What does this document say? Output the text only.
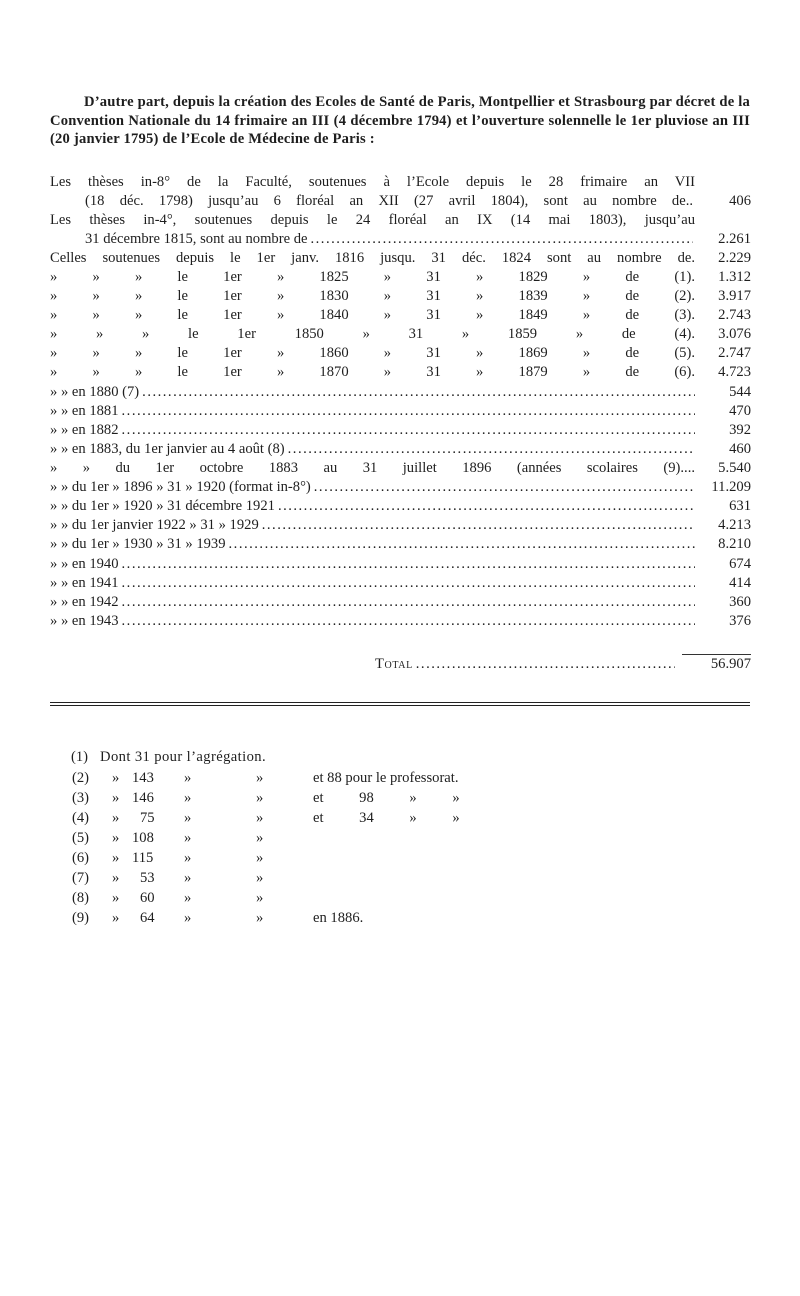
D’autre part, depuis la création des Ecoles de Santé de Paris, Montpellier et Strasbourg par décret de la Convention Nationale du 14 frimaire an III (4 décembre 1794) et l’ouverture solennelle le 1er pluviose an III (20 janvier 1795) de l’Ecole de Médecine de Paris :

Les thèses in-8° de la Faculté, soutenues à l’Ecole depuis le 28 frimaire an VII
(18 déc. 1798) jusqu’au 6 floréal an XII (27 avril 1804), sont au nombre de.. 406
Les thèses in-4°, soutenues depuis le 24 floréal an IX (14 mai 1803), jusqu’au
31 décembre 1815, sont au nombre de .....	2.261
Celles soutenues depuis le 1er janv. 1816 jusqu. 31 déc. 1824 sont au nombre de. 2.229
» » » le 1er » 1825 » 31 » 1829 » de (1). 1.312
» » » le 1er » 1830 » 31 » 1839 » de (2). 3.917
» » » le 1er » 1840 » 31 » 1849 » de (3). 2.743
» » » le 1er 1850 » 31 » 1859 » de (4). 3.076
» » » le 1er » 1860 » 31 » 1869 » de (5). 2.747
» » » le 1er » 1870 » 31 » 1879 » de (6). 4.723
» » en 1880 (7) .....	544
» » en 1881 .....	470
» » en 1882 .....	392
» » en 1883, du 1er janvier au 4 août (8) .....	460
» » du 1er octobre 1883 au 31 juillet 1896 (années scolaires (9).... 5.540
» » du 1er » 1896 » 31 » 1920 (format in-8°) .....	11.209
» » du 1er » 1920 » 31 décembre 1921 .....	631
» » du 1er janvier 1922 » 31 » 1929 .....	4.213
» » du 1er » 1930 » 31 » 1939 .....	8.210
» » en 1940 .....	674
» » en 1941 .....	414
» » en 1942 .....	360
» » en 1943 .....	376
Total .....	56.907
(1) Dont 31 pour l’agrégation.
(2) » 143 »	»	et 88 pour le professorat.
(3) » 146 »	»	et 98 » »
(4) » 75 »	»	et 34 » »
(5) » 108 »	»
(6) » 115 »	»
(7) » 53 »	»
(8) » 60 »	»
(9) » 64 »	»	en 1886.
